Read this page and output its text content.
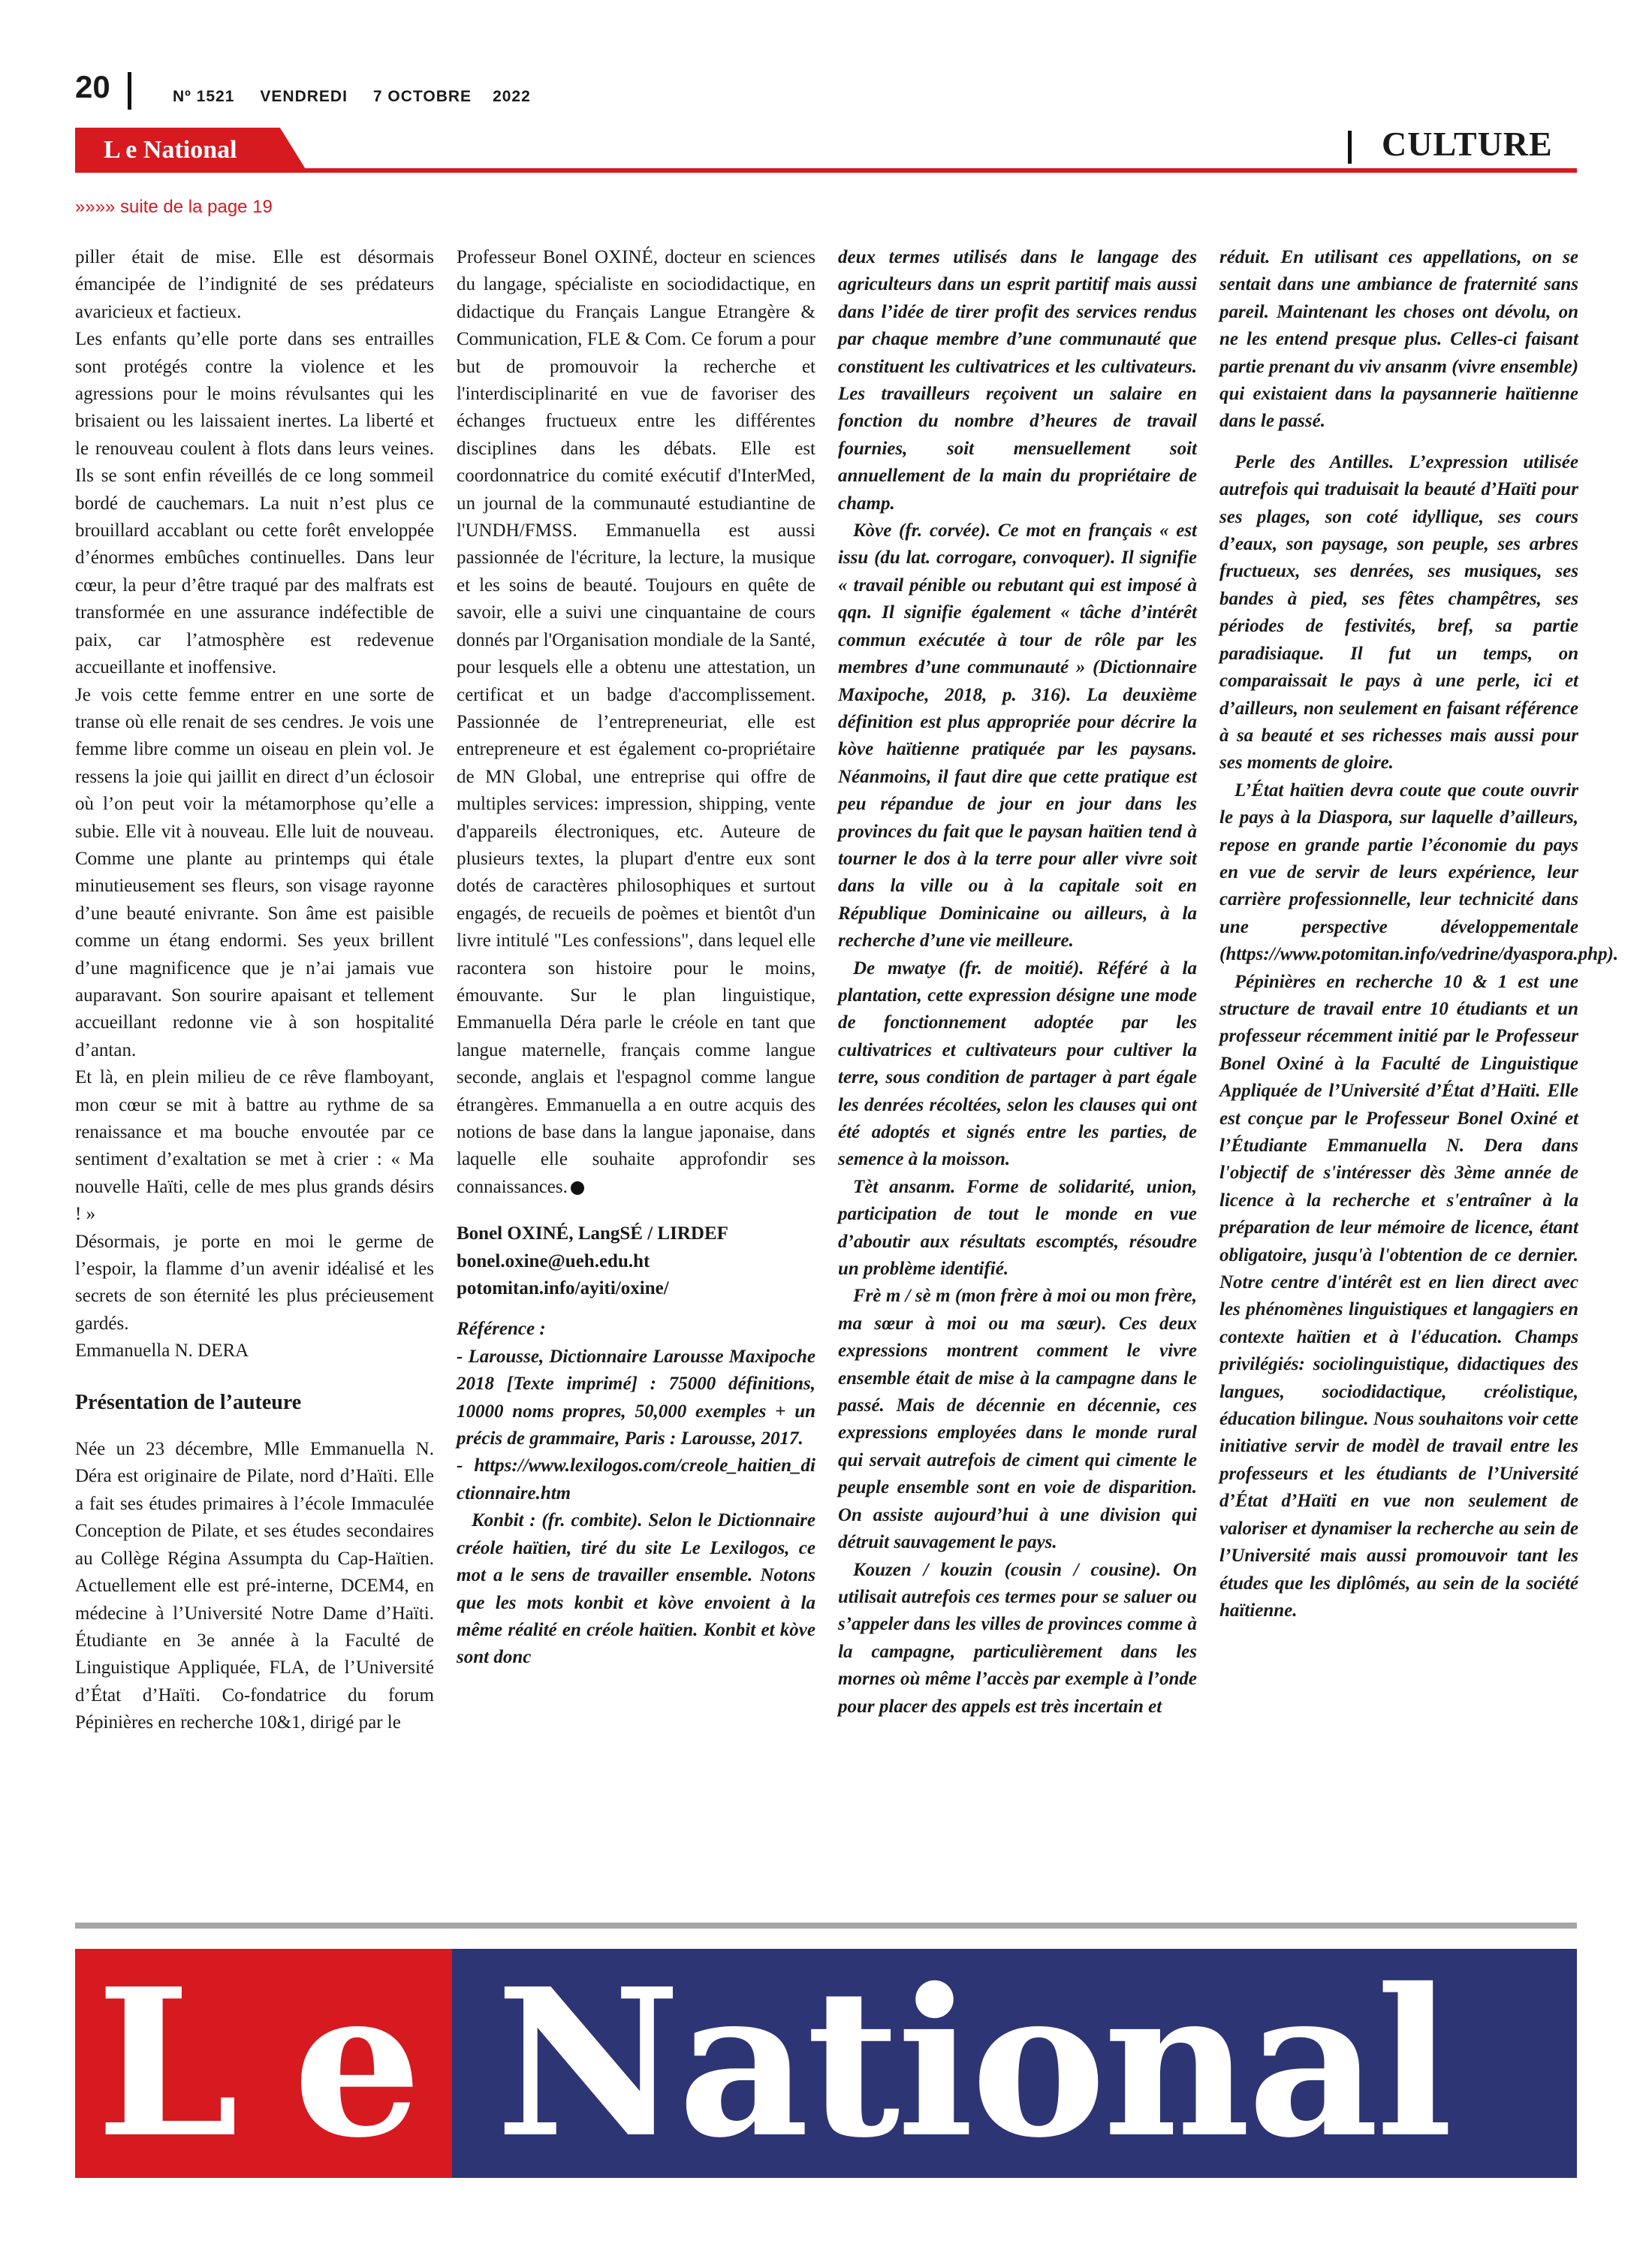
20	Nº 1521 VENDREDI 7 OCTOBRE 2022
L e National	CULTURE
»»»» suite de la page 19

piller était de mise. Elle est désormais émancipée de l’indignité de ses prédateurs avaricieux et factieux.

Les enfants qu’elle porte dans ses entrailles sont protégés contre la violence et les agressions pour le moins révulsantes qui les brisaient ou les laissaient inertes. La liberté et le renouveau coulent à flots dans leurs veines. Ils se sont enfin réveillés de ce long sommeil bordé de cauchemars. La nuit n’est plus ce brouillard accablant ou cette forêt enveloppée d’énormes embûches continuelles. Dans leur cœur, la peur d’être traqué par des malfrats est transformée en une assurance indéfectible de paix, car l’atmosphère est redevenue accueillante et inoffensive.

Je vois cette femme entrer en une sorte de transe où elle renait de ses cendres. Je vois une femme libre comme un oiseau en plein vol. Je ressens la joie qui jaillit en direct d’un éclosoir où l’on peut voir la métamorphose qu’elle a subie. Elle vit à nouveau. Elle luit de nouveau. Comme une plante au printemps qui étale minutieusement ses fleurs, son visage rayonne d’une beauté enivrante. Son âme est paisible comme un étang endormi. Ses yeux brillent d’une magnificence que je n’ai jamais vue auparavant. Son sourire apaisant et tellement accueillant redonne vie à son hospitalité d’antan.

Et là, en plein milieu de ce rêve flamboyant, mon cœur se mit à battre au rythme de sa renaissance et ma bouche envoutée par ce sentiment d’exaltation se met à crier : « Ma nouvelle Haïti, celle de mes plus grands désirs ! »

Désormais, je porte en moi le germe de l’espoir, la flamme d’un avenir idéalisé et les secrets de son éternité les plus précieusement gardés.

Emmanuella N. DERA

Présentation de l’auteure

Née un 23 décembre, Mlle Emmanuella N. Déra est originaire de Pilate, nord d’Haïti. Elle a fait ses études primaires à l’école Immaculée Conception de Pilate, et ses études secondaires au Collège Régina Assumpta du Cap-Haïtien. Actuellement elle est pré-interne, DCEM4, en médecine à l’Université Notre Dame d’Haïti. Étudiante en 3e année à la Faculté de Linguistique Appliquée, FLA, de l’Université d’État d’Haïti. Co-fondatrice du forum Pépinières en recherche 10&1, dirigé par le

Professeur Bonel OXINÉ, docteur en sciences du langage, spécialiste en sociodidactique, en didactique du Français Langue Etrangère & Communication, FLE & Com. Ce forum a pour but de promouvoir la recherche et l'interdisciplinarité en vue de favoriser des échanges fructueux entre les différentes disciplines dans les débats. Elle est coordonnatrice du comité exécutif d'InterMed, un journal de la communauté estudiantine de l'UNDH/FMSS. Emmanuella est aussi passionnée de l'écriture, la lecture, la musique et les soins de beauté. Toujours en quête de savoir, elle a suivi une cinquantaine de cours donnés par l'Organisation mondiale de la Santé, pour lesquels elle a obtenu une attestation, un certificat et un badge d'accomplissement. Passionnée de l’entrepreneuriat, elle est entrepreneure et est également co-propriétaire de MN Global, une entreprise qui offre de multiples services: impression, shipping, vente d'appareils électroniques, etc. Auteure de plusieurs textes, la plupart d'entre eux sont dotés de caractères philosophiques et surtout engagés, de recueils de poèmes et bientôt d'un livre intitulé "Les confessions", dans lequel elle racontera son histoire pour le moins, émouvante. Sur le plan linguistique, Emmanuella Déra parle le créole en tant que langue maternelle, français comme langue seconde, anglais et l'espagnol comme langue étrangères. Emmanuella a en outre acquis des notions de base dans la langue japonaise, dans laquelle elle souhaite approfondir ses connaissances.

Bonel OXINÉ, LangSÉ / LIRDEF

bonel.oxine@ueh.edu.ht

potomitan.info/ayiti/oxine/

Référence :

- Larousse, Dictionnaire Larousse Maxipoche 2018 [Texte imprimé] : 75000 définitions, 10000 noms propres, 50,000 exemples + un précis de grammaire, Paris : Larousse, 2017.

- https://www.lexilogos.com/creole_haitien_dictionnaire.htm

Konbit : (fr. combite). Selon le Dictionnaire créole haïtien, tiré du site Le Lexilogos, ce mot a le sens de travailler ensemble. Notons que les mots konbit et kòve envoient à la même réalité en créole haïtien. Konbit et kòve sont donc

deux termes utilisés dans le langage des agriculteurs dans un esprit partitif mais aussi dans l’idée de tirer profit des services rendus par chaque membre d’une communauté que constituent les cultivatrices et les cultivateurs. Les travailleurs reçoivent un salaire en fonction du nombre d’heures de travail fournies, soit mensuellement soit annuellement de la main du propriétaire de champ.

Kòve (fr. corvée). Ce mot en français « est issu (du lat. corrogare, convoquer). Il signifie « travail pénible ou rebutant qui est imposé à qqn. Il signifie également « tâche d’intérêt commun exécutée à tour de rôle par les membres d’une communauté » (Dictionnaire Maxipoche, 2018, p. 316). La deuxième définition est plus appropriée pour décrire la kòve haïtienne pratiquée par les paysans. Néanmoins, il faut dire que cette pratique est peu répandue de jour en jour dans les provinces du fait que le paysan haïtien tend à tourner le dos à la terre pour aller vivre soit dans la ville ou à la capitale soit en République Dominicaine ou ailleurs, à la recherche d’une vie meilleure.

De mwatye (fr. de moitié). Référé à la plantation, cette expression désigne une mode de fonctionnement adoptée par les cultivatrices et cultivateurs pour cultiver la terre, sous condition de partager à part égale les denrées récoltées, selon les clauses qui ont été adoptés et signés entre les parties, de semence à la moisson.

Tèt ansanm. Forme de solidarité, union, participation de tout le monde en vue d’aboutir aux résultats escomptés, résoudre un problème identifié.

Frè m / sè m (mon frère à moi ou mon frère, ma sœur à moi ou ma sœur). Ces deux expressions montrent comment le vivre ensemble était de mise à la campagne dans le passé. Mais de décennie en décennie, ces expressions employées dans le monde rural qui servait autrefois de ciment qui cimente le peuple ensemble sont en voie de disparition. On assiste aujourd’hui à une division qui détruit sauvagement le pays.

Kouzen / kouzin (cousin / cousine). On utilisait autrefois ces termes pour se saluer ou s’appeler dans les villes de provinces comme à la campagne, particulièrement dans les mornes où même l’accès par exemple à l’onde pour placer des appels est très incertain et

réduit. En utilisant ces appellations, on se sentait dans une ambiance de fraternité sans pareil. Maintenant les choses ont dévolu, on ne les entend presque plus. Celles-ci faisant partie prenant du viv ansanm (vivre ensemble) qui existaient dans la paysannerie haïtienne dans le passé.

Perle des Antilles. L’expression utilisée autrefois qui traduisait la beauté d’Haïti pour ses plages, son coté idyllique, ses cours d’eaux, son paysage, son peuple, ses arbres fructueux, ses denrées, ses musiques, ses bandes à pied, ses fêtes champêtres, ses périodes de festivités, bref, sa partie paradisiaque. Il fut un temps, on comparaissait le pays à une perle, ici et d’ailleurs, non seulement en faisant référence à sa beauté et ses richesses mais aussi pour ses moments de gloire.

L’État haïtien devra coute que coute ouvrir le pays à la Diaspora, sur laquelle d’ailleurs, repose en grande partie l’économie du pays en vue de servir de leurs expérience, leur carrière professionnelle, leur technicité dans une perspective développementale (https://www.potomitan.info/vedrine/dyaspora.php).

Pépinières en recherche 10 & 1 est une structure de travail entre 10 étudiants et un professeur récemment initié par le Professeur Bonel Oxiné à la Faculté de Linguistique Appliquée de l’Université d’État d’Haïti. Elle est conçue par le Professeur Bonel Oxiné et l’Étudiante Emmanuella N. Dera dans l'objectif de s'intéresser dès 3ème année de licence à la recherche et s'entraîner à la préparation de leur mémoire de licence, étant obligatoire, jusqu'à l'obtention de ce dernier. Notre centre d'intérêt est en lien direct avec les phénomènes linguistiques et langagiers en contexte haïtien et à l'éducation. Champs privilégiés: sociolinguistique, didactiques des langues, sociodidactique, créolistique, éducation bilingue. Nous souhaitons voir cette initiative servir de modèl de travail entre les professeurs et les étudiants de l’Université d’État d’Haïti en vue non seulement de valoriser et dynamiser la recherche au sein de l’Université mais aussi promouvoir tant les études que les diplômés, au sein de la société haïtienne.

L e National
